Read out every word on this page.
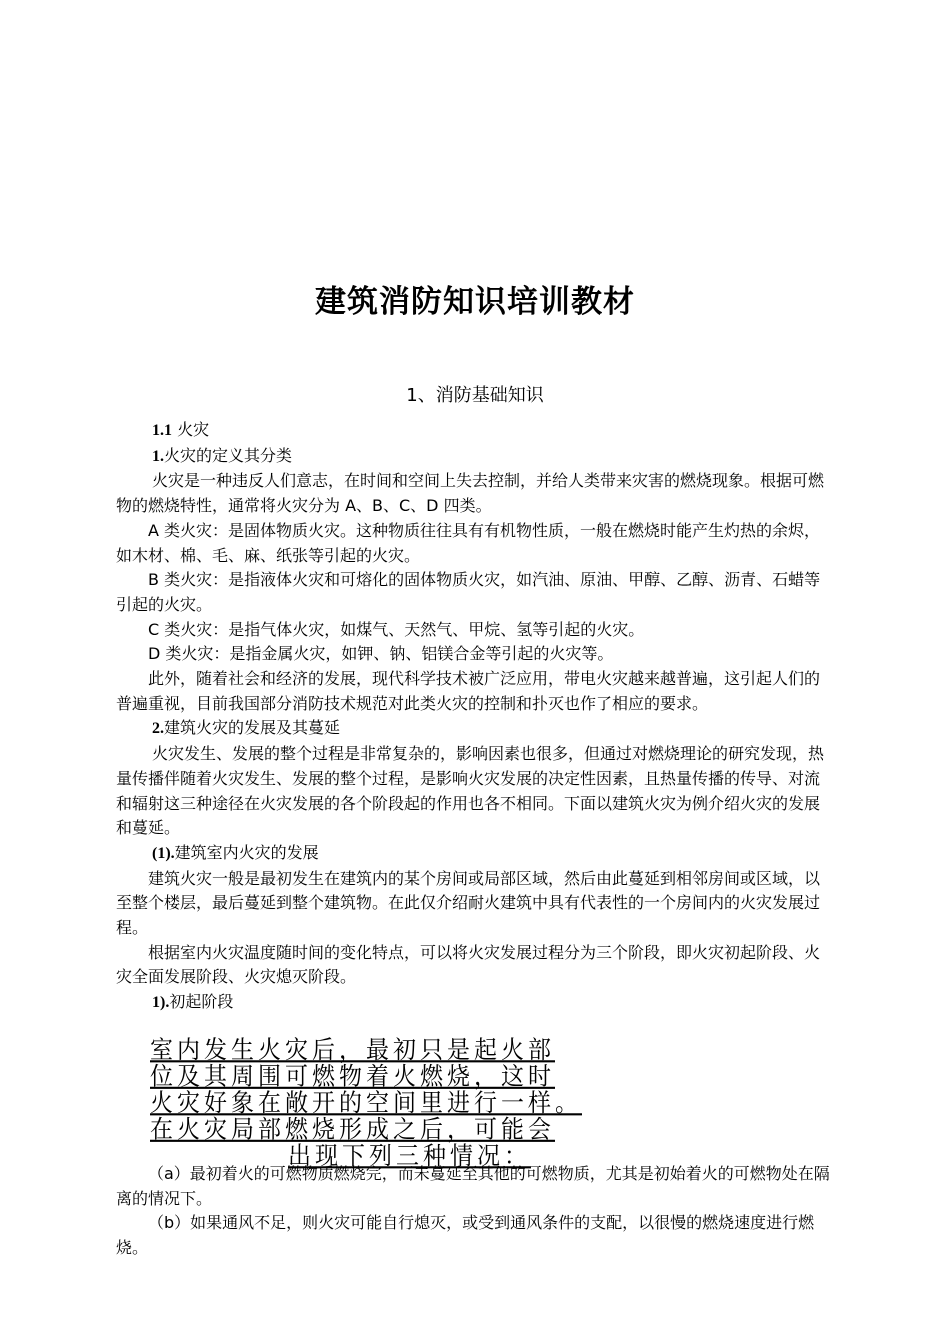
建筑消防知识培训教材
1、消防基础知识

1.1 火灾

1.火灾的定义其分类

火灾是一种违反人们意志，在时间和空间上失去控制，并给人类带来灾害的燃烧现象。根据可燃物的燃烧特性，通常将火灾分为 A、B、C、D 四类。

A 类火灾：是固体物质火灾。这种物质往往具有有机物性质，一般在燃烧时能产生灼热的余烬，如木材、棉、毛、麻、纸张等引起的火灾。

B 类火灾：是指液体火灾和可熔化的固体物质火灾，如汽油、原油、甲醇、乙醇、沥青、石蜡等引起的火灾。

C 类火灾：是指气体火灾，如煤气、天然气、甲烷、氢等引起的火灾。

D 类火灾：是指金属火灾，如钾、钠、铝镁合金等引起的火灾等。

此外，随着社会和经济的发展，现代科学技术被广泛应用，带电火灾越来越普遍，这引起人们的普遍重视，目前我国部分消防技术规范对此类火灾的控制和扑灭也作了相应的要求。

2.建筑火灾的发展及其蔓延

火灾发生、发展的整个过程是非常复杂的，影响因素也很多，但通过对燃烧理论的研究发现，热量传播伴随着火灾发生、发展的整个过程，是影响火灾发展的决定性因素，且热量传播的传导、对流和辐射这三种途径在火灾发展的各个阶段起的作用也各不相同。下面以建筑火灾为例介绍火灾的发展和蔓延。

(1).建筑室内火灾的发展

建筑火灾一般是最初发生在建筑内的某个房间或局部区域，然后由此蔓延到相邻房间或区域，以至整个楼层，最后蔓延到整个建筑物。在此仅介绍耐火建筑中具有代表性的一个房间内的火灾发展过程。

根据室内火灾温度随时间的变化特点，可以将火灾发展过程分为三个阶段，即火灾初起阶段、火灾全面发展阶段、火灾熄灭阶段。

1).初起阶段

室内发生火灾后，最初只是起火部

位及其周围可燃物着火燃烧，这时

火灾好象在敞开的空间里进行一样。

在火灾局部燃烧形成之后，可能会

出现下列三种情况：

（a）最初着火的可燃物质燃烧完，而未蔓延至其他的可燃物质，尤其是初始着火的可燃物处在隔离的情况下。

（b）如果通风不足，则火灾可能自行熄灭，或受到通风条件的支配，以很慢的燃烧速度进行燃烧。
